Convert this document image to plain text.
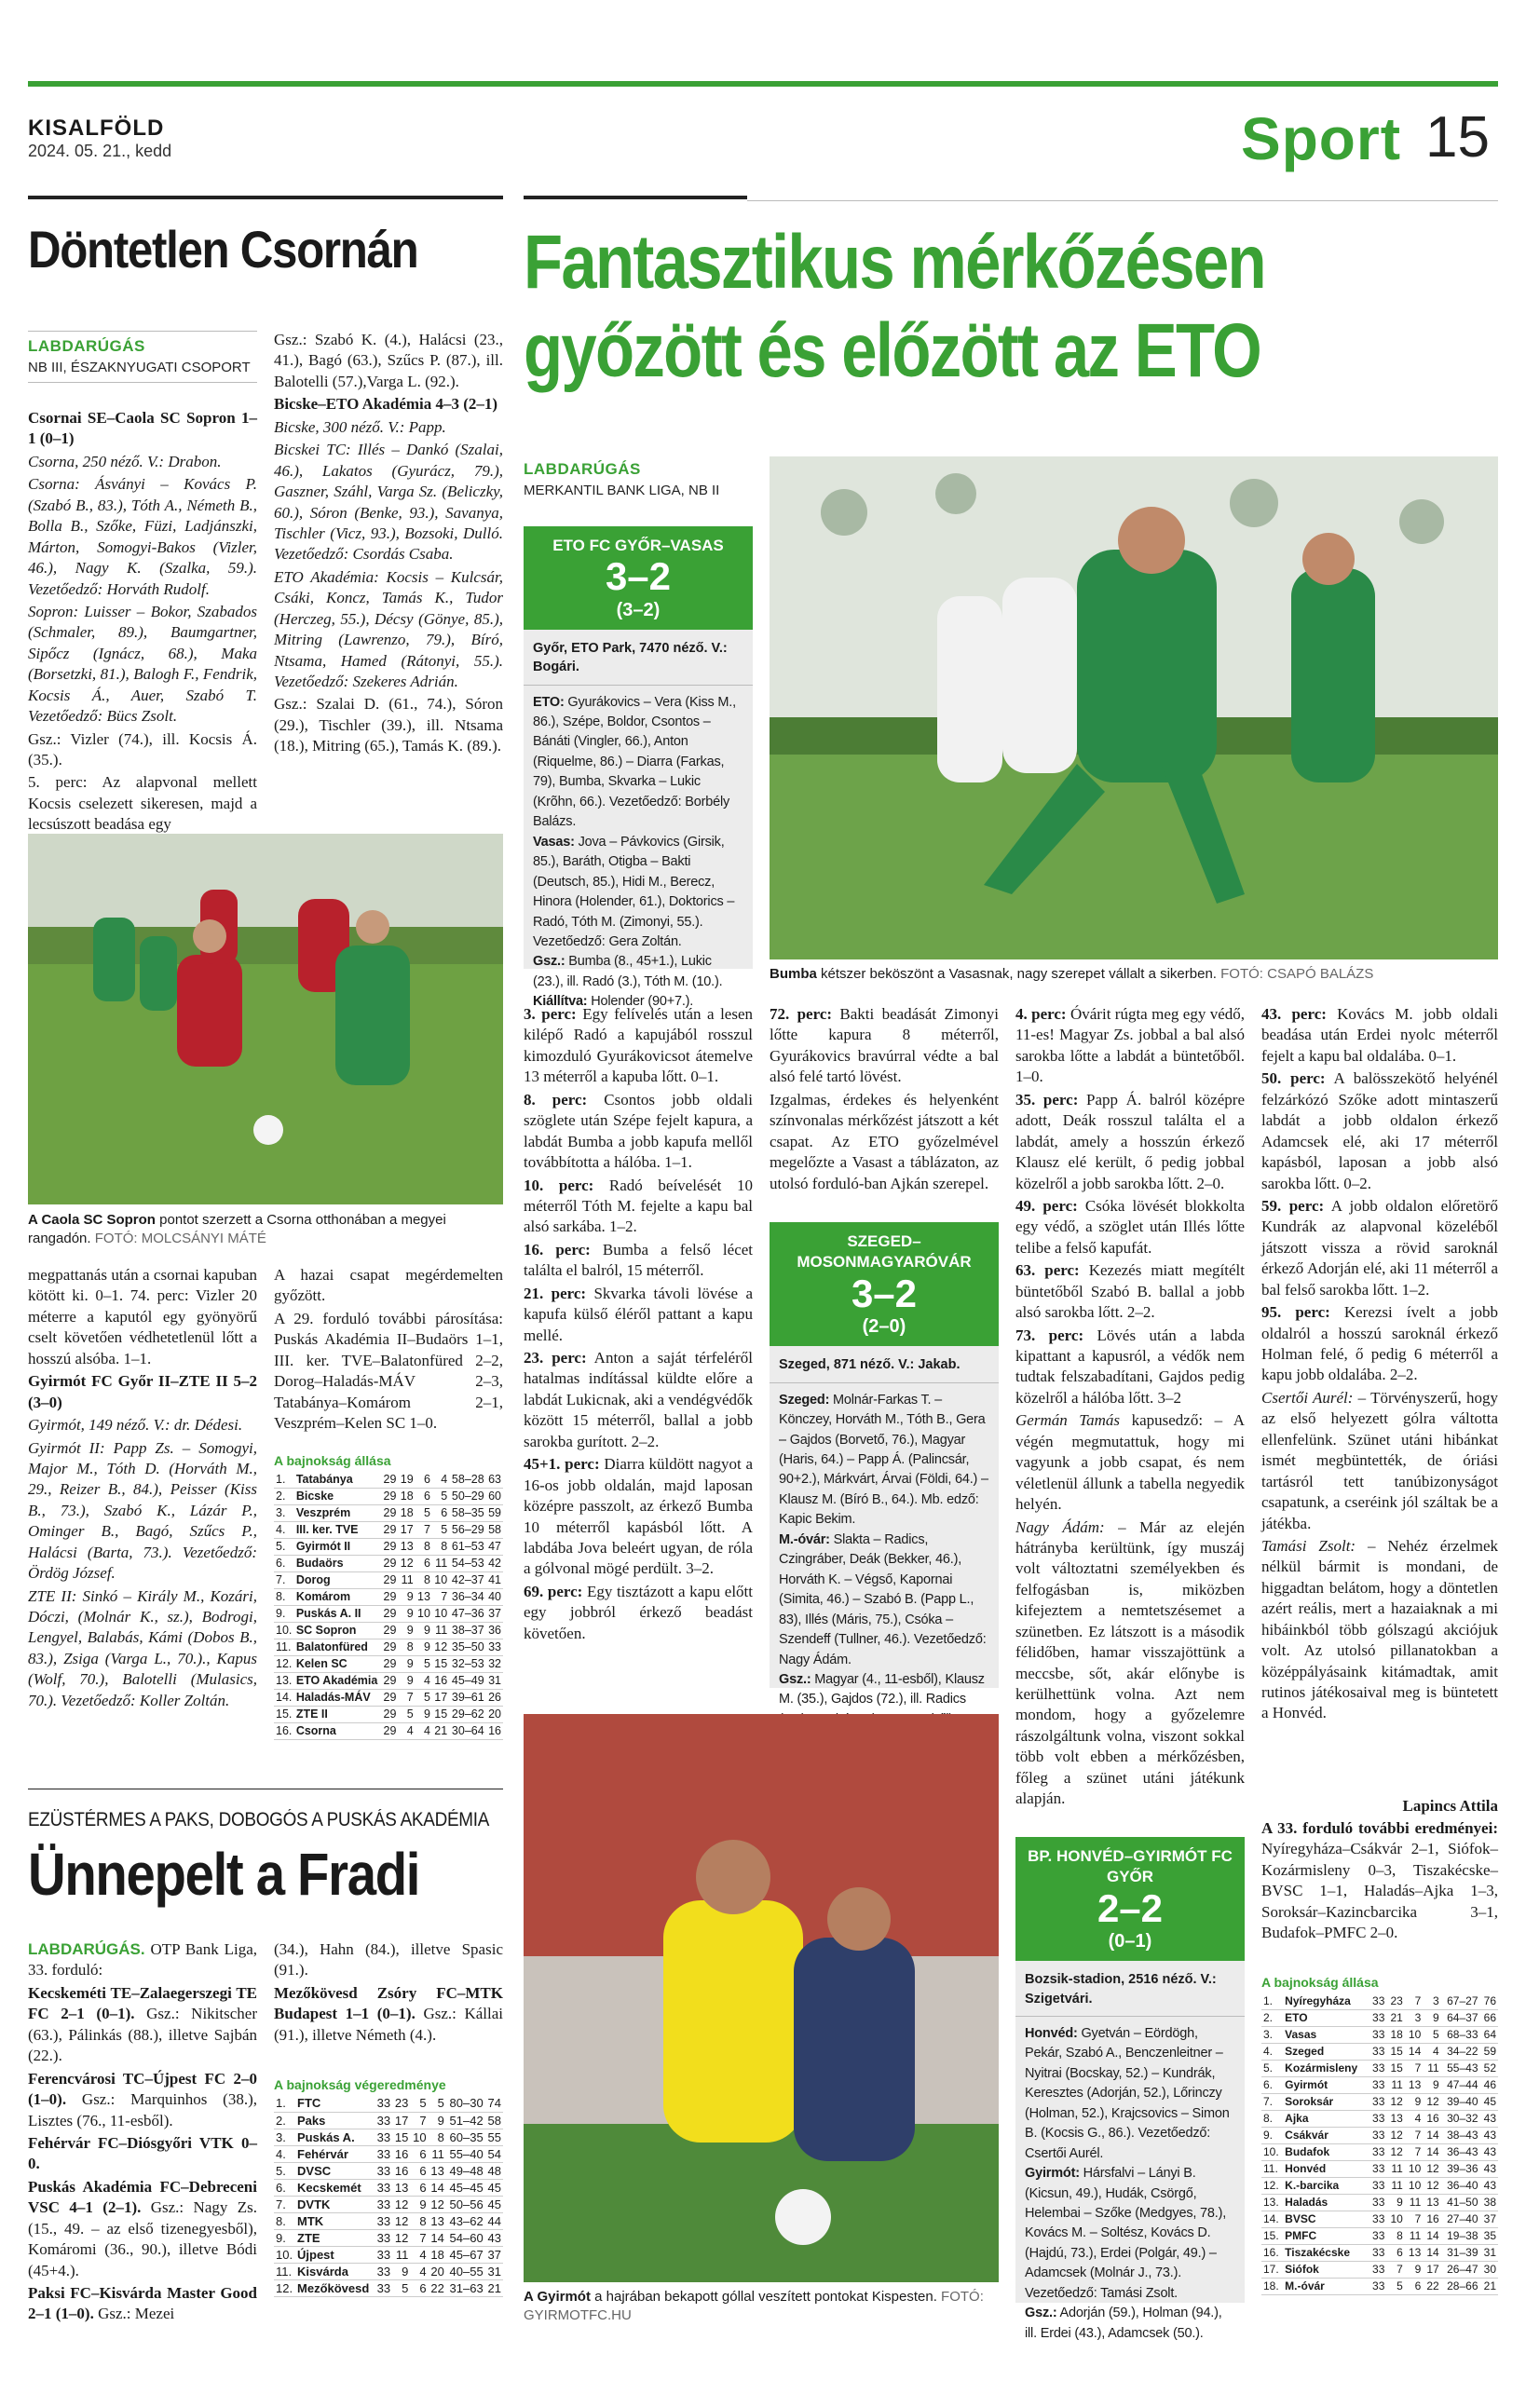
KISALFÖLD
2024. 05. 21., kedd	Sport 15
Döntetlen Csornán
LABDARÚGÁS
NB III, ÉSZAKNYUGATI CSOPORT

Csornai SE–Caola SC Sopron 1–1 (0–1)

Csorna, 250 néző. V.: Drabon.

Csorna: Ásványi – Kovács P. (Szabó B., 83.), Tóth A., Németh B., Bolla B., Szőke, Füzi, Ladjánszki, Márton, Somogyi-Bakos (Vizler, 46.), Nagy K. (Szalka, 59.). Vezetőedző: Horváth Rudolf.

Sopron: Luisser – Bokor, Szabados (Schmaler, 89.), Baumgartner, Sipőcz (Ignácz, 68.), Maka (Borsetzki, 81.), Balogh F., Fendrik, Kocsis Á., Auer, Szabó T. Vezetőedző: Bücs Zsolt.

Gsz.: Vizler (74.), ill. Kocsis Á. (35.).

5. perc: Az alapvonal mellett Kocsis cselezett sikeresen, majd a lecsúszott beadása egy

Gsz.: Szabó K. (4.), Halácsi (23., 41.), Bagó (63.), Szűcs P. (87.), ill. Balotelli (57.),Varga L. (92.).

Bicske–ETO Akadémia 4–3 (2–1)

Bicske, 300 néző. V.: Papp.

Bicskei TC: Illés – Dankó (Szalai, 46.), Lakatos (Gyurácz, 79.), Gaszner, Száhl, Varga Sz. (Beliczky, 60.), Sóron (Benke, 93.), Savanya, Tischler (Vicz, 93.), Bozsoki, Dulló. Vezetőedző: Csordás Csaba.

ETO Akadémia: Kocsis – Kulcsár, Csáki, Koncz, Tamás K., Tudor (Herczeg, 55.), Décsy (Gönye, 85.), Mitring (Lawrenzo, 79.), Bíró, Ntsama, Hamed (Rátonyi, 55.). Vezetőedző: Szekeres Adrián.

Gsz.: Szalai D. (61., 74.), Sóron (29.), Tischler (39.), ill. Ntsama (18.), Mitring (65.), Tamás K. (89.).

A Caola SC Sopron pontot szerzett a Csorna otthonában a megyei rangadón. FOTÓ: MOLCSÁNYI MÁTÉ

megpattanás után a csornai kapuban kötött ki. 0–1. 74. perc: Vizler 20 méterre a kaputól egy gyönyörű cselt követően védhetetlenül lőtt a hosszú alsóba. 1–1.

Gyirmót FC Győr II–ZTE II 5–2 (3–0)

Gyirmót, 149 néző. V.: dr. Dédesi.

Gyirmót II: Papp Zs. – Somogyi, Major M., Tóth D. (Horváth M., 29., Reizer B., 84.), Peisser (Kiss B., 73.), Szabó K., Lázár P., Ominger B., Bagó, Szűcs P., Halácsi (Barta, 73.). Vezetőedző: Ördög József.

ZTE II: Sinkó – Király M., Kozári, Dóczi, (Molnár K., sz.), Bodrogi, Lengyel, Balabás, Kámi (Dobos B., 83.), Zsiga (Varga L., 70.)., Kapus (Wolf, 70.), Balotelli (Mulasics, 70.). Vezetőedző: Koller Zoltán.

A hazai csapat megérdemelten győzött.

A 29. forduló további párosítása: Puskás Akadémia II–Budaörs 1–1, III. ker. TVE–Balatonfüred 2–2, Dorog–Haladás-MÁV 2–3, Tatabánya–Komárom 2–1, Veszprém–Kelen SC 1–0.

A bajnokság állása
1.	Tatabánya	29	19	6	4	58–28	63
2.	Bicske	29	18	6	5	50–29	60
3.	Veszprém	29	18	5	6	58–35	59
4.	III. ker. TVE	29	17	7	5	56–29	58
5.	Gyirmót II	29	13	8	8	61–53	47
6.	Budaörs	29	12	6	11	54–53	42
7.	Dorog	29	11	8	10	42–37	41
8.	Komárom	29	9	13	7	36–34	40
9.	Puskás A. II	29	9	10	10	47–36	37
10.	SC Sopron	29	9	9	11	38–37	36
11.	Balatonfüred	29	8	9	12	35–50	33
12.	Kelen SC	29	9	5	15	32–53	32
13.	ETO Akadémia	29	9	4	16	45–49	31
14.	Haladás-MÁV	29	7	5	17	39–61	26
15.	ZTE II	29	5	9	15	29–62	20
16.	Csorna	29	4	4	21	30–64	16
EZÜSTÉRMES A PAKS, DOBOGÓS A PUSKÁS AKADÉMIA
Ünnepelt a Fradi

LABDARÚGÁS. OTP Bank Liga, 33. forduló:

Kecskeméti TE–Zalaegerszegi TE FC 2–1 (0–1). Gsz.: Nikitscher (63.), Pálinkás (88.), illetve Sajbán (22.).

Ferencvárosi TC–Újpest FC 2–0 (1–0). Gsz.: Marquinhos (38.), Lisztes (76., 11-esből).

Fehérvár FC–Diósgyőri VTK 0–0.

Puskás Akadémia FC–Debreceni VSC 4–1 (2–1). Gsz.: Nagy Zs. (15., 49. – az első tizenegyesből), Komáromi (36., 90.), illetve Bódi (45+4.).

Paksi FC–Kisvárda Master Good 2–1 (1–0). Gsz.: Mezei

(34.), Hahn (84.), illetve Spasic (91.).

Mezőkövesd Zsóry FC–MTK Budapest 1–1 (0–1). Gsz.: Kállai (91.), illetve Németh (4.).

A bajnokság végeredménye
1.	FTC	33	23	5	5	80–30	74
2.	Paks	33	17	7	9	51–42	58
3.	Puskás A.	33	15	10	8	60–35	55
4.	Fehérvár	33	16	6	11	55–40	54
5.	DVSC	33	16	6	13	49–48	48
6.	Kecskemét	33	13	6	14	45–45	45
7.	DVTK	33	12	9	12	50–56	45
8.	MTK	33	12	8	13	43–62	44
9.	ZTE	33	12	7	14	54–60	43
10.	Újpest	33	11	4	18	45–67	37
11.	Kisvárda	33	9	4	20	40–55	31
12.	Mezőkövesd	33	5	6	22	31–63	21
Fantasztikus mérkőzésen
győzött és előzött az ETO
LABDARÚGÁS
MERKANTIL BANK LIGA, NB II
ETO FC GYŐR–VASAS
3–2
(3–2)
Győr, ETO Park, 7470 néző. V.: Bogári.

ETO: Gyurákovics – Vera (Kiss M., 86.), Szépe, Boldor, Csontos – Bánáti (Vingler, 66.), Anton (Riquelme, 86.) – Diarra (Farkas, 79), Bumba, Skvarka – Lukic (Krõhn, 66.). Vezetőedző: Borbély Balázs.

Vasas: Jova – Pávkovics (Girsik, 85.), Baráth, Otigba – Bakti (Deutsch, 85.), Hidi M., Berecz, Hinora (Holender, 61.), Doktorics – Radó, Tóth M. (Zimonyi, 55.). Vezetőedző: Gera Zoltán.

Gsz.: Bumba (8., 45+1.), Lukic (23.), ill. Radó (3.), Tóth M. (10.).

Kiállítva: Holender (90+7.).

Bumba kétszer beköszönt a Vasasnak, nagy szerepet vállalt a sikerben. FOTÓ: CSAPÓ BALÁZS

3. perc: Egy felívelés után a lesen kilépő Radó a kapujából rosszul kimozduló Gyurákovicsot átemelve 13 méterről a kapuba lőtt. 0–1.

8. perc: Csontos jobb oldali szöglete után Szépe fejelt kapura, a labdát Bumba a jobb kapufa mellől továbbította a hálóba. 1–1.

10. perc: Radó beívelését 10 méterről Tóth M. fejelte a kapu bal alsó sarkába. 1–2.

16. perc: Bumba a felső lécet találta el balról, 15 méterről.

21. perc: Skvarka távoli lövése a kapufa külső éléről pattant a kapu mellé.

23. perc: Anton a saját térfeléről hatalmas indítással küldte előre a labdát Lukicnak, aki a vendégvédők között 15 méterről, ballal a jobb sarokba gurított. 2–2.

45+1. perc: Diarra küldött nagyot a 16-os jobb oldalán, majd laposan középre passzolt, az érkező Bumba 10 méterről kapásból lőtt. A labdába Jova beleért ugyan, de róla a gólvonal mögé perdült. 3–2.

69. perc: Egy tisztázott a kapu előtt egy jobbról érkező beadást követően.

72. perc: Bakti beadását Zimonyi lőtte kapura 8 méterről, Gyurákovics bravúrral védte a bal alsó felé tartó lövést.

Izgalmas, érdekes és helyenként színvonalas mérkőzést játszott a két csapat. Az ETO győzelmével megelőzte a Vasast a táblázaton, az utolsó forduló-ban Ajkán szerepel.

SZEGED–MOSONMAGYARÓVÁR
3–2
(2–0)
Szeged, 871 néző. V.: Jakab.

Szeged: Molnár-Farkas T. – Könczey, Horváth M., Tóth B., Gera – Gajdos (Borvető, 76.), Magyar (Haris, 64.) – Papp Á. (Palincsár, 90+2.), Márkvárt, Árvai (Földi, 64.) – Klausz M. (Bíró B., 64.). Mb. edző: Kapic Bekim.

M.-óvár: Slakta – Radics, Czingráber, Deák (Bekker, 46.), Horváth K. – Végső, Kapornai (Simita, 46.) – Szabó B. (Papp L., 83), Illés (Máris, 75.), Csóka – Szendeff (Tullner, 46.). Vezetőedző: Nagy Ádám.

Gsz.: Magyar (4., 11-esből), Klausz M. (35.), Gajdos (72.), ill. Radics

A Gyirmót a hajrában bekapott góllal veszített pontokat Kispesten. FOTÓ: GYIRMOTFC.HU

4. perc: Óvárit rúgta meg egy védő, 11-es! Magyar Zs. jobbal a bal alsó sarokba lőtte a labdát a büntetőből. 1–0.

35. perc: Papp Á. balról középre adott, Deák rosszul találta el a labdát, amely a hosszún érkező Klausz elé került, ő pedig jobbal közelről a jobb sarokba lőtt. 2–0.

49. perc: Csóka lövését blokkolta egy védő, a szöglet után Illés lőtte telibe a felső kapufát.

63. perc: Kezezés miatt megítélt büntetőből Szabó B. ballal a jobb alsó sarokba lőtt. 2–2.

73. perc: Lövés után a labda kipattant a kapusról, a védők nem tudtak felszabadítani, Gajdos pedig közelről a hálóba lőtt. 3–2

Germán Tamás kapusedző: – A végén megmutattuk, hogy mi vagyunk a jobb csapat, és nem véletlenül állunk a tabella negyedik helyén.

Nagy Ádám: – Már az elején hátrányba kerültünk, így muszáj volt változtatni személyekben és felfogásban is, miközben kifejeztem a nemtetszésemet a szünetben. Ez látszott is a második félidőben, hamar visszajöttünk a meccsbe, sőt, akár előnybe is kerülhettünk volna. Azt nem mondom, hogy a győzelemre rászolgáltunk volna, viszont sokkal több volt ebben a mérkőzésben, főleg a szünet utáni játékunk alapján.

BP. HONVÉD–GYIRMÓT FC GYŐR
2–2
(0–1)
Bozsik-stadion, 2516 néző. V.: Szigetvári.

Honvéd: Gyetván – Eördögh, Pekár, Szabó A., Benczenleitner – Nyitrai (Bocskay, 52.) – Kundrák, Keresztes (Adorján, 52.), Lőrinczy (Holman, 52.), Krajcsovics – Simon B. (Kocsis G., 86.). Vezetőedző: Csertői Aurél.

Gyirmót: Hársfalvi – Lányi B. (Kicsun, 49.), Hudák, Csörgő, Helembai – Szőke (Medgyes, 78.), Kovács M. – Soltész, Kovács D. (Hajdú, 73.), Erdei (Polgár, 49.) – Adamcsek (Molnár J., 73.). Vezetőedző: Tamási Zsolt.

Gsz.: Adorján (59.), Holman (94.), ill. Erdei (43.), Adamcsek (50.).

43. perc: Kovács M. jobb oldali beadása után Erdei nyolc méterről fejelt a kapu bal oldalába. 0–1.

50. perc: A balösszekötő helyénél felzárkózó Szőke adott mintaszerű labdát a jobb oldalon érkező Adamcsek elé, aki 17 méterről kapásból, laposan a jobb alsó sarokba lőtt. 0–2.

59. perc: A jobb oldalon előretörő Kundrák az alapvonal közeléből játszott vissza a rövid saroknál érkező Adorján elé, aki 11 méterről a bal felső sarokba lőtt. 1–2.

95. perc: Kerezsi ívelt a jobb oldalról a hosszú saroknál érkező Holman felé, ő pedig 6 méterről a kapu jobb oldalába. 2–2.

Csertői Aurél: – Törvényszerű, hogy az első helyezett gólra váltotta ellenfelünk. Szünet utáni hibánkat ismét megbüntették, de óriási tartásról tett tanúbizonyságot csapatunk, a cseréink jól száltak be a játékba.

Tamási Zsolt: – Nehéz érzelmek nélkül bármit is mondani, de higgadtan belátom, hogy a döntetlen azért reális, mert a hazaiaknak a mi hibáinkból több gólszagú akciójuk volt. Az utolsó pillanatokban a középpályásaink kitámadtak, amit rutinos játékosaival meg is büntetett a Honvéd.

Lapincs Attila
A 33. forduló további eredményei: Nyíregyháza–Csákvár 2–1, Siófok–Kozármisleny 0–3, Tiszakécske–BVSC 1–1, Haladás–Ajka 1–3, Soroksár–Kazincbarcika 3–1, Budafok–PMFC 2–0.
A bajnokság állása
1.	Nyíregyháza	33	23	7	3	67–27	76
2.	ETO	33	21	3	9	64–37	66
3.	Vasas	33	18	10	5	68–33	64
4.	Szeged	33	15	14	4	34–22	59
5.	Kozármisleny	33	15	7	11	55–43	52
6.	Gyirmót	33	11	13	9	47–44	46
7.	Soroksár	33	12	9	12	39–40	45
8.	Ajka	33	13	4	16	30–32	43
9.	Csákvár	33	12	7	14	38–43	43
10.	Budafok	33	12	7	14	36–43	43
11.	Honvéd	33	11	10	12	39–36	43
12.	K.-barcika	33	11	10	12	36–40	43
13.	Haladás	33	9	11	13	41–50	38
14.	BVSC	33	10	7	16	27–40	37
15.	PMFC	33	8	11	14	19–38	35
16.	Tiszakécske	33	6	13	14	31–39	31
17.	Siófok	33	7	9	17	26–47	30
18.	M.-óvár	33	5	6	22	28–66	21
